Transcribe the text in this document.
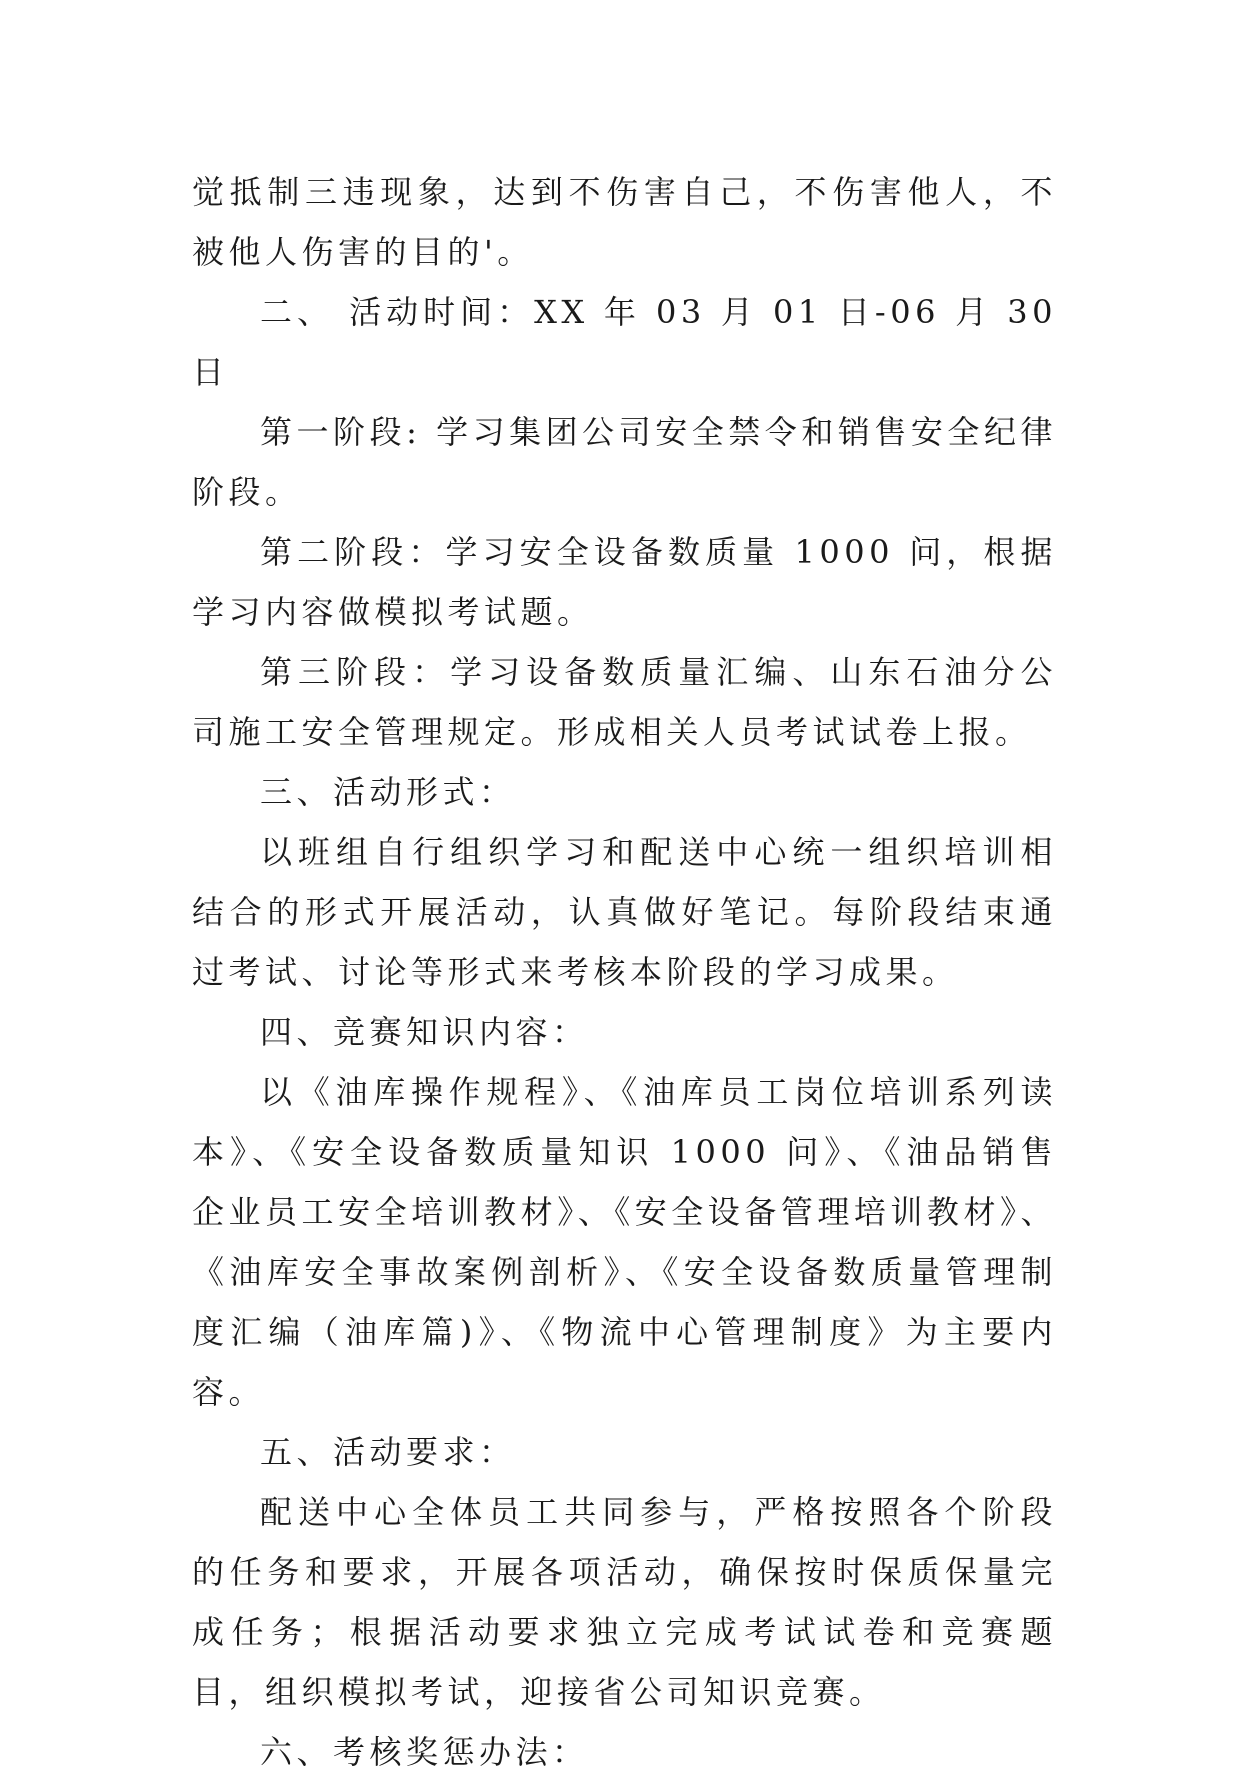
觉抵制三违现象，达到不伤害自己，不伤害他人，不被他人伤害的目的'。

二、 活动时间：XX 年 03 月 01 日-06 月 30 日

第一阶段: 学习集团公司安全禁令和销售安全纪律阶段。

第二阶段：学习安全设备数质量 1000 问，根据学习内容做模拟考试题。

第三阶段：学习设备数质量汇编、山东石油分公司施工安全管理规定。形成相关人员考试试卷上报。

三、活动形式：

以班组自行组织学习和配送中心统一组织培训相结合的形式开展活动，认真做好笔记。每阶段结束通过考试、讨论等形式来考核本阶段的学习成果。

四、竞赛知识内容：

以《油库操作规程》、《油库员工岗位培训系列读本》、《安全设备数质量知识 1000 问》、《油品销售企业员工安全培训教材》、《安全设备管理培训教材》、《油库安全事故案例剖析》、《安全设备数质量管理制度汇编（油库篇)》、《物流中心管理制度》为主要内容。

五、活动要求：

配送中心全体员工共同参与，严格按照各个阶段的任务和要求，开展各项活动，确保按时保质保量完成任务；根据活动要求独立完成考试试卷和竞赛题目，组织模拟考试，迎接省公司知识竞赛。

六、考核奖惩办法：
